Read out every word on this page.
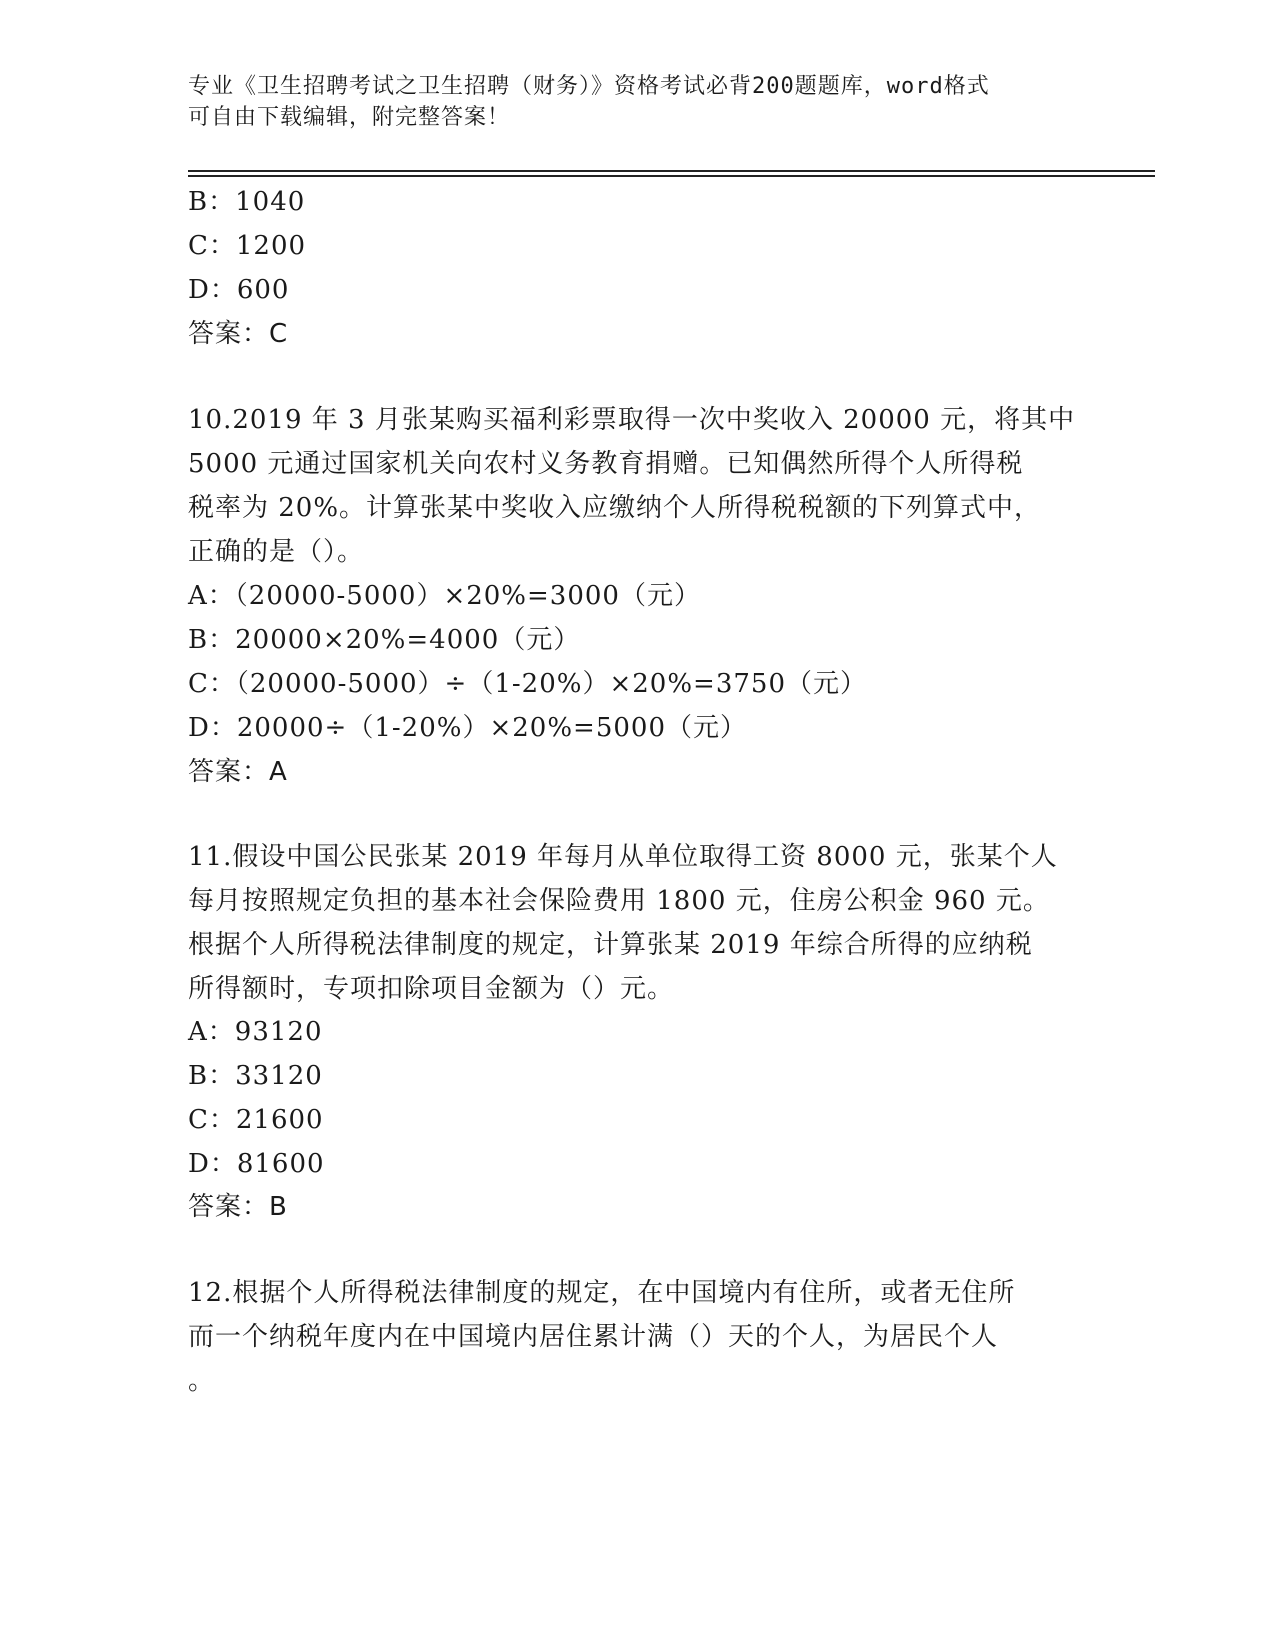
专业《卫生招聘考试之卫生招聘（财务）》资格考试必背200题题库，word格式
可自由下载编辑，附完整答案！
B：1040
C：1200
D：600
答案：C
10.2019 年 3 月张某购买福利彩票取得一次中奖收入 20000 元，将其中
5000 元通过国家机关向农村义务教育捐赠。已知偶然所得个人所得税
税率为 20%。计算张某中奖收入应缴纳个人所得税税额的下列算式中，
正确的是（）。
A：（20000-5000）×20%=3000（元）
B：20000×20%=4000（元）
C：（20000-5000）÷（1-20%）×20%=3750（元）
D：20000÷（1-20%）×20%=5000（元）
答案：A
11.假设中国公民张某 2019 年每月从单位取得工资 8000 元，张某个人
每月按照规定负担的基本社会保险费用 1800 元，住房公积金 960 元。
根据个人所得税法律制度的规定，计算张某 2019 年综合所得的应纳税
所得额时，专项扣除项目金额为（）元。
A：93120
B：33120
C：21600
D：81600
答案：B
12.根据个人所得税法律制度的规定，在中国境内有住所，或者无住所
而一个纳税年度内在中国境内居住累计满（）天的个人，为居民个人
。
